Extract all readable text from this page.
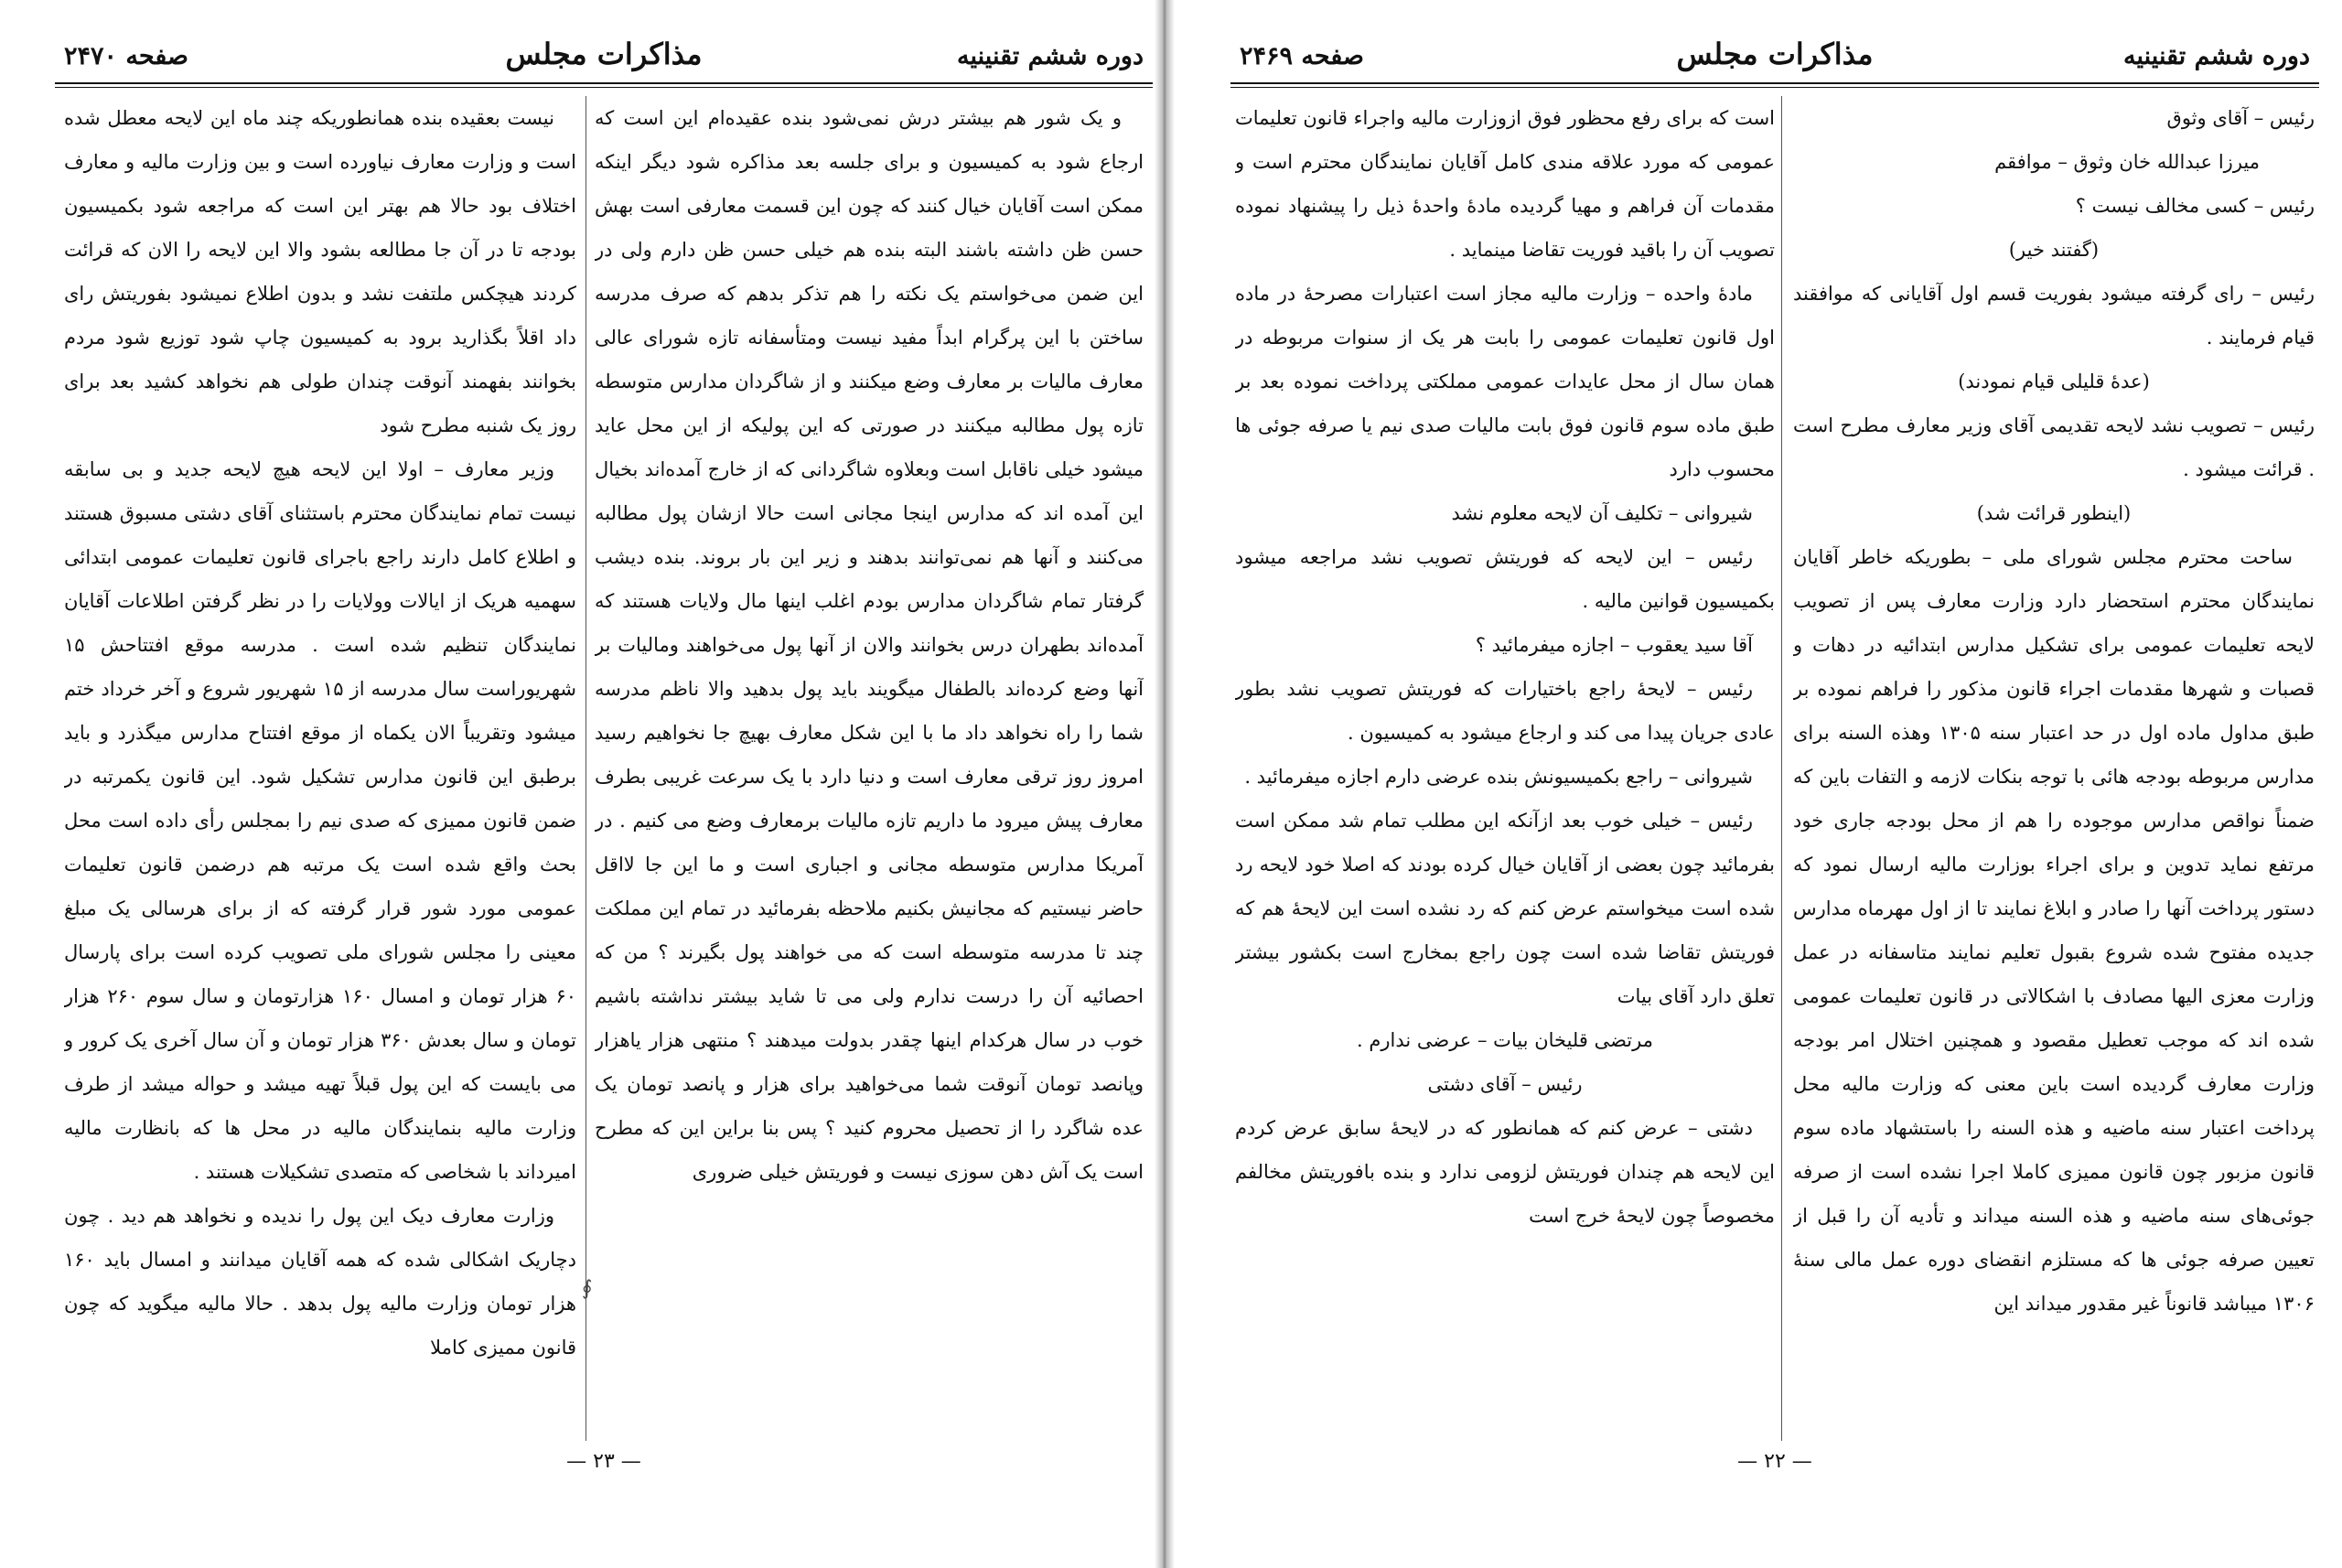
دوره ششم تقنینیه
مذاکرات مجلس
صفحه ۲۴۷۰

و یک شور هم بیشتر درش نمی‌شود بنده عقیده‌ام این است که ارجاع شود به کمیسیون و برای جلسه بعد مذاکره شود دیگر اینکه ممکن است آقایان خیال کنند که چون این قسمت معارفی است بهش حسن ظن داشته باشند البته بنده هم خیلی حسن ظن دارم ولی در این ضمن می‌خواستم یک نکته را هم تذکر بدهم که صرف مدرسه ساختن با این پرگرام ابداً مفید نیست ومتأسفانه تازه شورای عالی معارف مالیات بر معارف وضع میکنند و از شاگردان مدارس متوسطه تازه پول مطالبه میکنند در صورتی که این پولیکه از این محل عاید میشود خیلی ناقابل است وبعلاوه شاگردانی که از خارج آمده‌اند بخیال این آمده اند که مدارس اینجا مجانی است حالا ازشان پول مطالبه می‌کنند و آنها هم نمی‌توانند بدهند و زیر این بار بروند. بنده دیشب گرفتار تمام شاگردان مدارس بودم اغلب اینها مال ولایات هستند که آمده‌اند بطهران درس بخوانند والان از آنها پول می‌خواهند ومالیات بر آنها وضع کرده‌اند بالطفال میگویند باید پول بدهید والا ناظم مدرسه شما را راه نخواهد داد ما با این شکل معارف بهیچ جا نخواهیم رسید امروز روز ترقی معارف است و دنیا دارد با یک سرعت غریبی بطرف معارف پیش میرود ما داریم تازه مالیات برمعارف وضع می کنیم . در آمریکا مدارس متوسطه مجانی و اجباری است و ما این جا لااقل حاضر نیستیم که مجانیش بکنیم ملاحظه بفرمائید در تمام این مملکت چند تا مدرسه متوسطه است که می خواهند پول بگیرند ؟ من که احصائیه آن را درست ندارم ولی می تا شاید بیشتر نداشته باشیم خوب در سال هرکدام اینها چقدر بدولت میدهند ؟ منتهی هزار یاهزار وپانصد تومان آنوقت شما می‌خواهید برای هزار و پانصد تومان یک عده شاگرد را از تحصیل محروم کنید ؟ پس بنا براین این که مطرح است یک آش دهن سوزی نیست و فوریتش خیلی ضروری

نیست بعقیده بنده همانطوریکه چند ماه این لایحه معطل شده است و وزارت معارف نیاورده است و بین وزارت مالیه و معارف اختلاف بود حالا هم بهتر این است که مراجعه شود بکمیسیون بودجه تا در آن جا مطالعه بشود والا این لایحه را الان که قرائت کردند هیچکس ملتفت نشد و بدون اطلاع نمیشود بفوریتش رای داد اقلاً بگذارید برود به کمیسیون چاپ شود توزیع شود مردم بخوانند بفهمند آنوقت چندان طولی هم نخواهد کشید بعد برای روز یک شنبه مطرح شود

وزیر معارف – اولا این لایحه هیچ لایحه جدید و بی سابقه نیست تمام نمایندگان محترم باستثنای آقای دشتی مسبوق هستند و اطلاع کامل دارند راجع باجرای قانون تعلیمات عمومی ابتدائی سهمیه هریک از ایالات وولایات را در نظر گرفتن اطلاعات آقایان نمایندگان تنظیم شده است . مدرسه موقع افتتاحش ۱۵ شهریوراست سال مدرسه از ۱۵ شهریور شروع و آخر خرداد ختم میشود وتقریباً الان یکماه از موقع افتتاح مدارس میگذرد و باید برطبق این قانون مدارس تشکیل شود. این قانون یکمرتبه در ضمن قانون ممیزی که صدی نیم را بمجلس رأی داده است محل بحث واقع شده است یک مرتبه هم درضمن قانون تعلیمات عمومی مورد شور قرار گرفته که از برای هرسالی یک مبلغ معینی را مجلس شورای ملی تصویب کرده است برای پارسال ۶۰ هزار تومان و امسال ۱۶۰ هزارتومان و سال سوم ۲۶۰ هزار تومان و سال بعدش ۳۶۰ هزار تومان و آن سال آخری یک کرور و می بایست که این پول قبلاً تهیه میشد و حواله میشد از طرف وزارت مالیه بنمایندگان مالیه در محل ها که بانظارت مالیه امیرداند با شخاصی که متصدی تشکیلات هستند .

وزارت معارف دیک این پول را ندیده و نخواهد هم دید . چون دچاریک اشکالی شده که همه آقایان میدانند و امسال باید ۱۶۰ هزار تومان وزارت مالیه پول بدهد . حالا مالیه میگوید که چون قانون ممیزی کاملا

∮
— ۲۳ —
دوره ششم تقنینیه
مذاکرات مجلس
صفحه ۲۴۶۹

رئیس – آقای وثوق

میرزا عبدالله خان وثوق – موافقم

رئیس – کسی مخالف نیست ؟

(گفتند خیر)

رئیس – رای گرفته میشود بفوریت قسم اول آقایانی که موافقند قیام فرمایند .

(عدهٔ قلیلی قیام نمودند)

رئیس – تصویب نشد لایحه تقدیمی آقای وزیر معارف مطرح است . قرائت میشود .

(اینطور قرائت شد)

ساحت محترم مجلس شورای ملی – بطوریکه خاطر آقایان نمایندگان محترم استحضار دارد وزارت معارف پس از تصویب لایحه تعلیمات عمومی برای تشکیل مدارس ابتدائیه در دهات و قصبات و شهرها مقدمات اجراء قانون مذکور را فراهم نموده بر طبق مداول ماده اول در حد اعتبار سنه ۱۳۰۵ وهذه السنه برای مدارس مربوطه بودجه هائی با توجه بنکات لازمه و التفات باین که ضمناً نواقص مدارس موجوده را هم از محل بودجه جاری خود مرتفع نماید تدوین و برای اجراء بوزارت مالیه ارسال نمود که دستور پرداخت آنها را صادر و ابلاغ نمایند تا از اول مهرماه مدارس جدیده مفتوح شده شروع بقبول تعلیم نمایند متاسفانه در عمل وزارت معزی الیها مصادف با اشکالاتی در قانون تعلیمات عمومی شده اند که موجب تعطیل مقصود و همچنین اختلال امر بودجه وزارت معارف گردیده است باین معنی که وزارت مالیه محل پرداخت اعتبار سنه ماضیه و هذه السنه را باستشهاد ماده سوم قانون مزبور چون قانون ممیزی کاملا اجرا نشده است از صرفه جوئی‌های سنه ماضیه و هذه السنه میداند و تأدیه آن را قبل از تعیین صرفه جوئی ها که مستلزم انقضای دوره عمل مالی سنهٔ ۱۳۰۶ میباشد قانوناً غیر مقدور میداند این

است که برای رفع محظور فوق ازوزارت مالیه واجراء قانون تعلیمات عمومی که مورد علاقه مندی کامل آقایان نمایندگان محترم است و مقدمات آن فراهم و مهیا گردیده مادهٔ واحدهٔ ذیل را پیشنهاد نموده تصویب آن را باقید فوریت تقاضا مینماید .

مادهٔ واحده – وزارت مالیه مجاز است اعتبارات مصرحهٔ در ماده اول قانون تعلیمات عمومی را بابت هر یک از سنوات مربوطه در همان سال از محل عایدات عمومی مملکتی پرداخت نموده بعد بر طبق ماده سوم قانون فوق بابت مالیات صدی نیم یا صرفه جوئی ها محسوب دارد

شیروانی – تکلیف آن لایحه معلوم نشد

رئیس – این لایحه که فوریتش تصویب نشد مراجعه میشود بکمیسیون قوانین مالیه .

آقا سید یعقوب – اجازه میفرمائید ؟

رئیس – لایحهٔ راجع باختیارات که فوریتش تصویب نشد بطور عادی جریان پیدا می کند و ارجاع میشود به کمیسیون .

شیروانی – راجع بکمیسیونش بنده عرضی دارم اجازه میفرمائید .

رئیس – خیلی خوب بعد ازآنکه این مطلب تمام شد ممکن است بفرمائید چون بعضی از آقایان خیال کرده بودند که اصلا خود لایحه رد شده است میخواستم عرض کنم که رد نشده است این لایحهٔ هم که فوریتش تقاضا شده است چون راجع بمخارج است بکشور بیشتر تعلق دارد آقای بیات

مرتضی قلیخان بیات – عرضی ندارم .

رئیس – آقای دشتی

دشتی – عرض کنم که همانطور که در لایحهٔ سابق عرض کردم این لایحه هم چندان فوریتش لزومی ندارد و بنده بافوریتش مخالفم مخصوصاً چون لایحهٔ خرج است

— ۲۲ —
